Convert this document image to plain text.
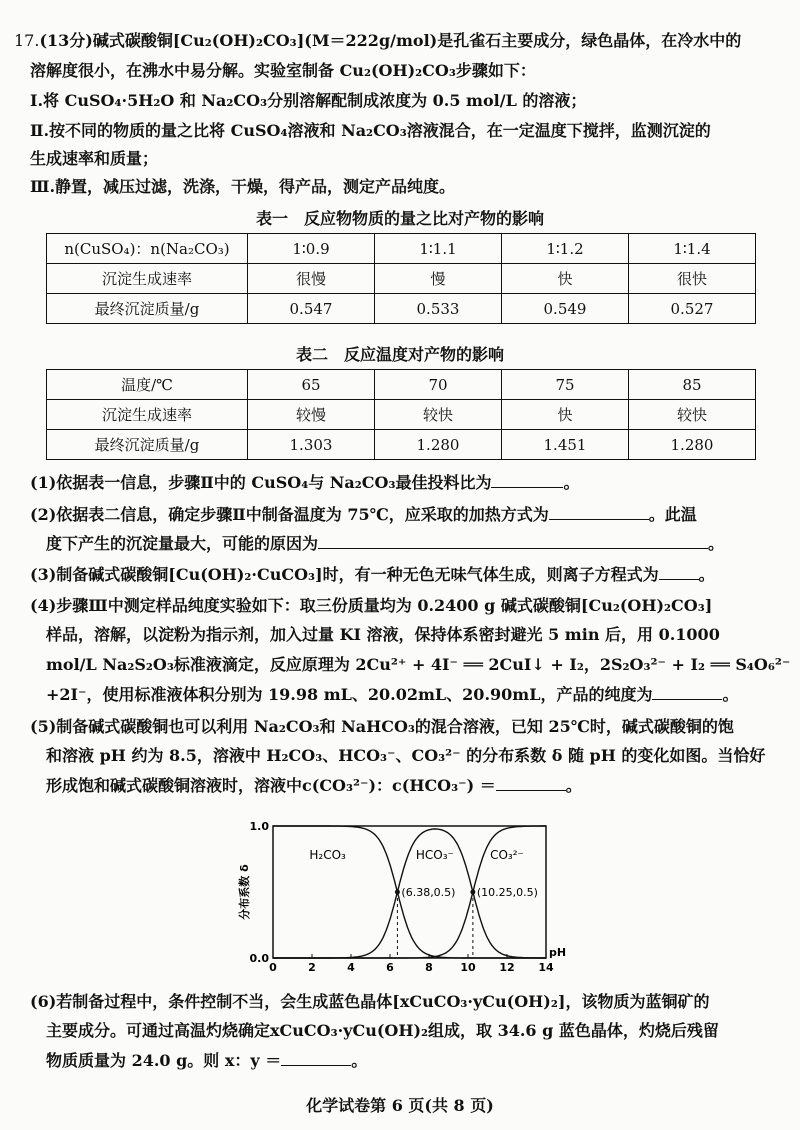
17.(13分)碱式碳酸铜[Cu₂(OH)₂CO₃](M＝222g/mol)是孔雀石主要成分，绿色晶体，在冷水中的
溶解度很小，在沸水中易分解。实验室制备 Cu₂(OH)₂CO₃步骤如下：
Ⅰ.将 CuSO₄·5H₂O 和 Na₂CO₃分别溶解配制成浓度为 0.5 mol/L 的溶液；
Ⅱ.按不同的物质的量之比将 CuSO₄溶液和 Na₂CO₃溶液混合，在一定温度下搅拌，监测沉淀的
生成速率和质量；
Ⅲ.静置，减压过滤，洗涤，干燥，得产品，测定产品纯度。
表一　反应物物质的量之比对产物的影响
n(CuSO₄)：n(Na₂CO₃)	1∶0.9	1∶1.1	1∶1.2	1∶1.4
沉淀生成速率	很慢	慢	快	很快
最终沉淀质量/g	0.547	0.533	0.549	0.527
表二　反应温度对产物的影响
温度/℃	65	70	75	85
沉淀生成速率	较慢	较快	快	较快
最终沉淀质量/g	1.303	1.280	1.451	1.280
(1)依据表一信息，步骤Ⅱ中的 CuSO₄与 Na₂CO₃最佳投料比为	。
(2)依据表二信息，确定步骤Ⅱ中制备温度为 75℃，应采取的加热方式为	。此温
度下产生的沉淀量最大，可能的原因为	。
(3)制备碱式碳酸铜[Cu(OH)₂·CuCO₃]时，有一种无色无味气体生成，则离子方程式为	。
(4)步骤Ⅲ中测定样品纯度实验如下：取三份质量均为 0.2400 g 碱式碳酸铜[Cu₂(OH)₂CO₃]
样品，溶解，以淀粉为指示剂，加入过量 KI 溶液，保持体系密封避光 5 min 后，用 0.1000
mol/L Na₂S₂O₃标准液滴定，反应原理为 2Cu²⁺ + 4I⁻ ══ 2CuI↓ + I₂，2S₂O₃²⁻ + I₂ ══ S₄O₆²⁻
+2I⁻，使用标准液体积分别为 19.98 mL、20.02mL、20.90mL，产品的纯度为	。
(5)制备碱式碳酸铜也可以利用 Na₂CO₃和 NaHCO₃的混合溶液，已知 25℃时，碱式碳酸铜的饱
和溶液 pH 约为 8.5，溶液中 H₂CO₃、HCO₃⁻、CO₃²⁻ 的分布系数 δ 随 pH 的变化如图。当恰好
形成饱和碱式碳酸铜溶液时，溶液中c(CO₃²⁻)：c(HCO₃⁻) ＝	。
0	2	4	6	8	10 12 14
0.0
1.0
pH
分布系数 δ
H₂CO₃	HCO₃⁻	CO₃²⁻
(6.38,0.5) (10.25,0.5)
(6)若制备过程中，条件控制不当，会生成蓝色晶体[xCuCO₃·yCu(OH)₂]，该物质为蓝铜矿的
主要成分。可通过高温灼烧确定xCuCO₃·yCu(OH)₂组成，取 34.6 g 蓝色晶体，灼烧后残留
物质质量为 24.0 g。则 x：y ＝	。
化学试卷第 6 页(共 8 页)
